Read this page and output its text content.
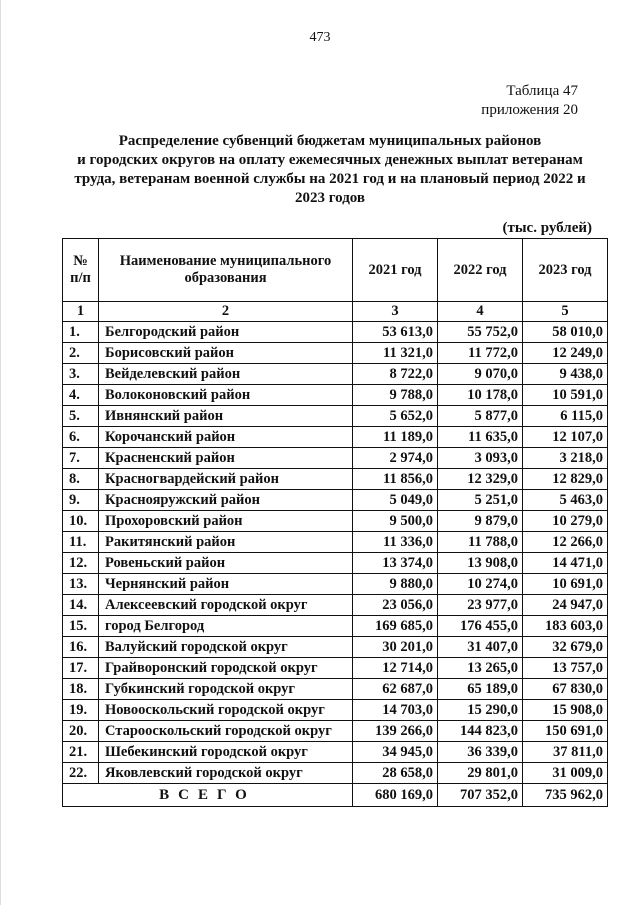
473
Таблица 47
приложения 20
Распределение субвенций бюджетам муниципальных районов
и городских округов на оплату ежемесячных денежных выплат ветеранам
труда, ветеранам военной службы на 2021 год и на плановый период 2022 и
2023 годов
(тыс. рублей)
№ п/п	Наименование муниципального образования	2021 год	2022 год	2023 год
1	2	3	4	5
1.	Белгородский район	53 613,0	55 752,0	58 010,0
2.	Борисовский район	11 321,0	11 772,0	12 249,0
3.	Вейделевский район	8 722,0	9 070,0	9 438,0
4.	Волоконовский район	9 788,0	10 178,0	10 591,0
5.	Ивнянский район	5 652,0	5 877,0	6 115,0
6.	Корочанский район	11 189,0	11 635,0	12 107,0
7.	Красненский район	2 974,0	3 093,0	3 218,0
8.	Красногвардейский район	11 856,0	12 329,0	12 829,0
9.	Краснояружский район	5 049,0	5 251,0	5 463,0
10.	Прохоровский район	9 500,0	9 879,0	10 279,0
11.	Ракитянский район	11 336,0	11 788,0	12 266,0
12.	Ровеньский район	13 374,0	13 908,0	14 471,0
13.	Чернянский район	9 880,0	10 274,0	10 691,0
14.	Алексеевский городской округ	23 056,0	23 977,0	24 947,0
15.	город Белгород	169 685,0	176 455,0	183 603,0
16.	Валуйский городской округ	30 201,0	31 407,0	32 679,0
17.	Грайворонский городской округ	12 714,0	13 265,0	13 757,0
18.	Губкинский городской округ	62 687,0	65 189,0	67 830,0
19.	Новооскольский городской округ	14 703,0	15 290,0	15 908,0
20.	Старооскольский городской округ	139 266,0	144 823,0	150 691,0
21.	Шебекинский городской округ	34 945,0	36 339,0	37 811,0
22.	Яковлевский городской округ	28 658,0	29 801,0	31 009,0
ВСЕГО		680 169,0	707 352,0	735 962,0
